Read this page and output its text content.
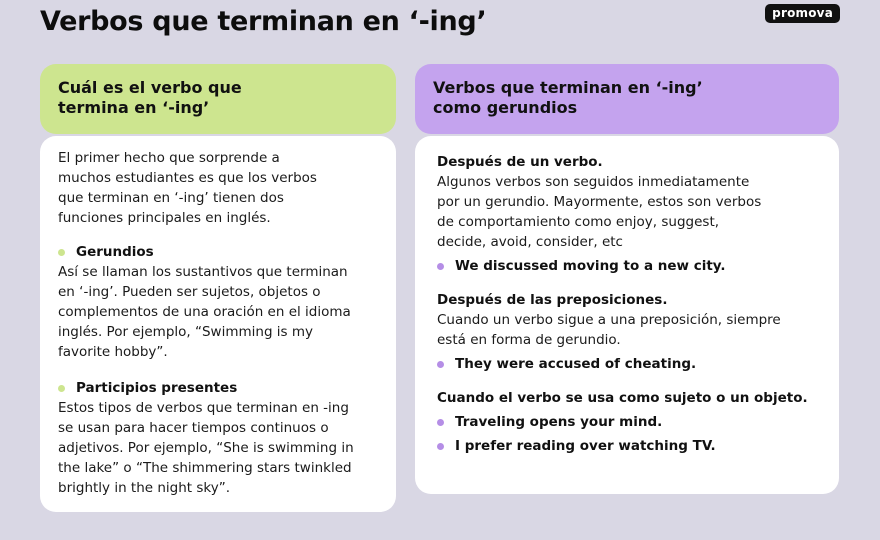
Verbos que terminan en ‘-ing’	promova
Cuál es el verbo que
termina en ‘-ing’

El primer hecho que sorprende a

muchos estudiantes es que los verbos

que terminan en ‘-ing’ tienen dos

funciones principales en inglés.

Gerundios

Así se llaman los sustantivos que terminan

en ‘-ing’. Pueden ser sujetos, objetos o

complementos de una oración en el idioma

inglés. Por ejemplo, “Swimming is my

favorite hobby”.

Participios presentes

Estos tipos de verbos que terminan en -ing

se usan para hacer tiempos continuos o

adjetivos. Por ejemplo, “She is swimming in

the lake” o “The shimmering stars twinkled

brightly in the night sky”.

Verbos que terminan en ‘-ing’
como gerundios

Después de un verbo.

Algunos verbos son seguidos inmediatamente

por un gerundio. Mayormente, estos son verbos

de comportamiento como enjoy, suggest,

decide, avoid, consider, etc

We discussed moving to a new city.

Después de las preposiciones.

Cuando un verbo sigue a una preposición, siempre

está en forma de gerundio.

They were accused of cheating.

Cuando el verbo se usa como sujeto o un objeto.

Traveling opens your mind.
I prefer reading over watching TV.
